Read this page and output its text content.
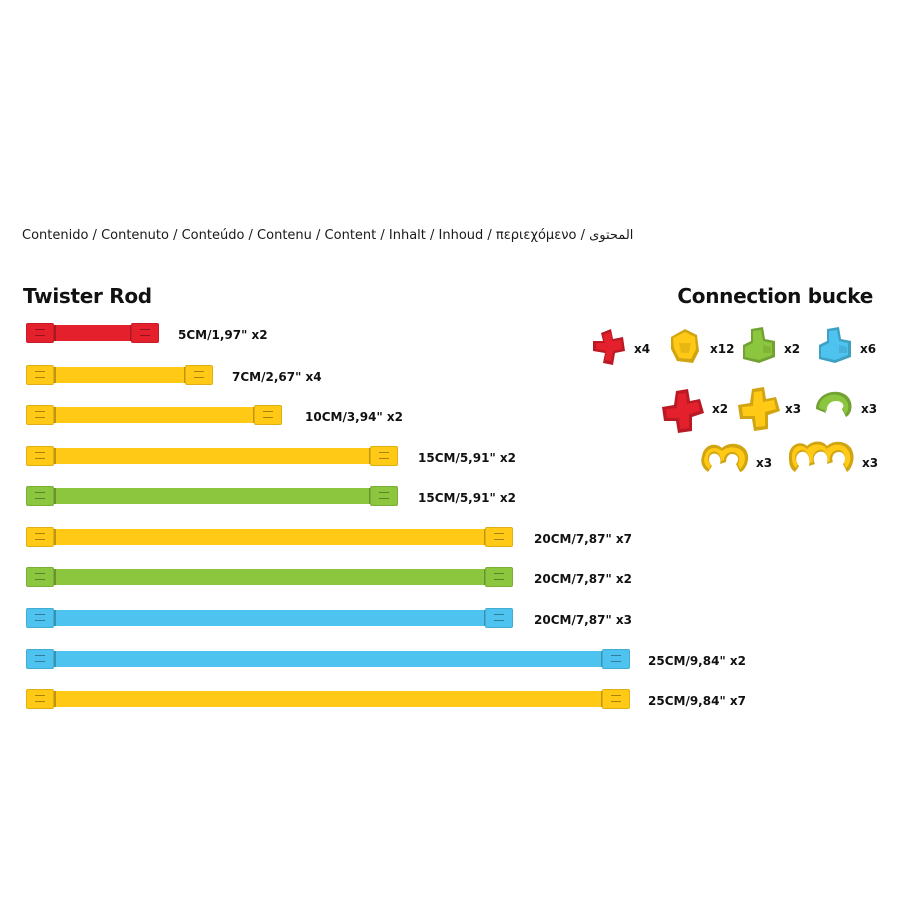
Contenido / Contenuto / Conteúdo / Contenu / Content / Inhalt / Inhoud / περιεχόμενο / المحتوى
Twister Rod	Connection bucke
5CM/1,97" x2
7CM/2,67" x4
10CM/3,94" x2
15CM/5,91" x2
15CM/5,91" x2
20CM/7,87" x7
20CM/7,87" x2
20CM/7,87" x3
25CM/9,84" x2
25CM/9,84" x7
x4	x12	x2	x6
x2	x3	x3
x3	x3
